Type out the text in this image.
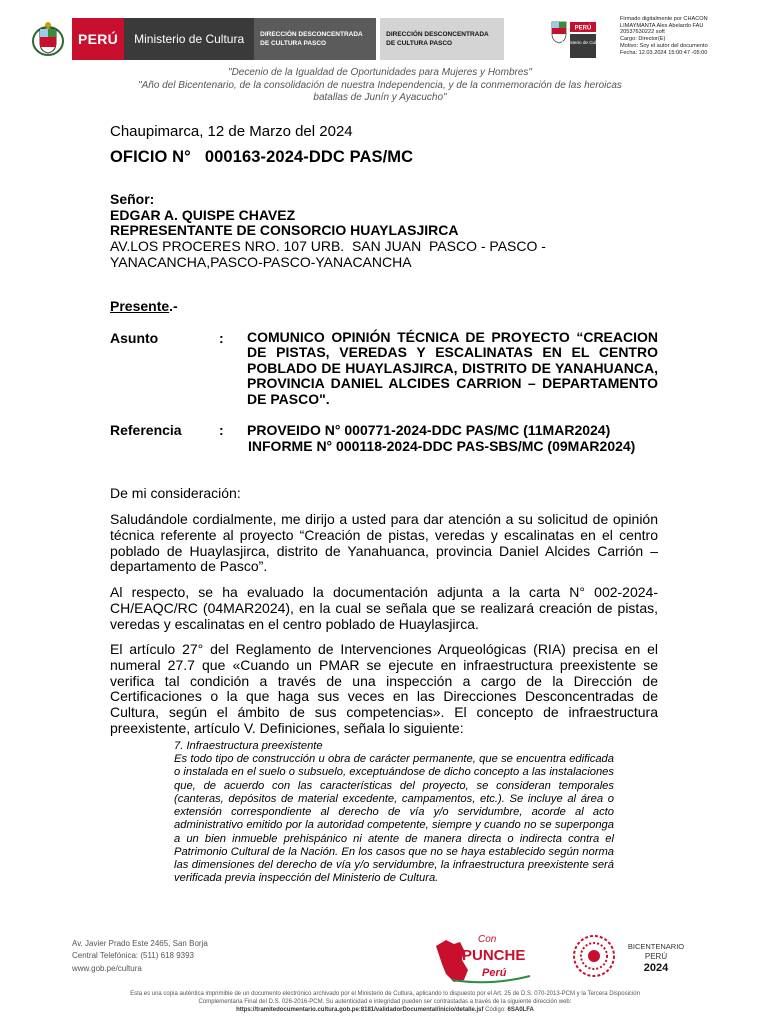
PERÚ	Ministerio de Cultura	DIRECCIÓN DESCONCENTRADA DE CULTURA PASCO
DIRECCIÓN DESCONCENTRADA DE CULTURA PASCO
PERÚ
Ministerio de Cultura
Firmado digitalmente por CHACON
LIMAYMANTA Alex Abelardo FAU
20537630222 soft
Cargo: Director(E)
Motivo: Soy el autor del documento
Fecha: 12.03.2024 15:00:47 -05:00
"Decenio de la Igualdad de Oportunidades para Mujeres y Hombres"
"Año del Bicentenario, de la consolidación de nuestra Independencia, y de la conmemoración de las heroicas batallas de Junín y Ayacucho"
Chaupimarca, 12 de Marzo del 2024
OFICIO N°   000163-2024-DDC PAS/MC
Señor:
EDGAR A. QUISPE CHAVEZ
REPRESENTANTE DE CONSORCIO HUAYLASJIRCA
AV.LOS PROCERES NRO. 107 URB.  SAN JUAN  PASCO - PASCO -
YANACANCHA,PASCO-PASCO-YANACANCHA
Presente.-
Asunto	: COMUNICO OPINIÓN TÉCNICA DE PROYECTO “CREACION DE PISTAS, VEREDAS Y ESCALINATAS EN EL CENTRO POBLADO DE HUAYLASJIRCA, DISTRITO DE YANAHUANCA, PROVINCIA DANIEL ALCIDES CARRION – DEPARTAMENTO DE PASCO".
Referencia	: PROVEIDO N° 000771-2024-DDC PAS/MC (11MAR2024)
INFORME N° 000118-2024-DDC PAS-SBS/MC (09MAR2024)
De mi consideración:
Saludándole cordialmente, me dirijo a usted para dar atención a su solicitud de opinión técnica referente al proyecto “Creación de pistas, veredas y escalinatas en el centro poblado de Huaylasjirca, distrito de Yanahuanca, provincia Daniel Alcides Carrión – departamento de Pasco”.
Al respecto, se ha evaluado la documentación adjunta a la carta N° 002-2024-CH/EAQC/RC (04MAR2024), en la cual se señala que se realizará creación de pistas, veredas y escalinatas en el centro poblado de Huaylasjirca.
El artículo 27° del Reglamento de Intervenciones Arqueológicas (RIA) precisa en el numeral 27.7 que «Cuando un PMAR se ejecute en infraestructura preexistente se verifica tal condición a través de una inspección a cargo de la Dirección de Certificaciones o la que haga sus veces en las Direcciones Desconcentradas de Cultura, según el ámbito de sus competencias». El concepto de infraestructura preexistente, artículo V. Definiciones, señala lo siguiente:
7. Infraestructura preexistente
Es todo tipo de construcción u obra de carácter permanente, que se encuentra edificada o instalada en el suelo o subsuelo, exceptuándose de dicho concepto a las instalaciones que, de acuerdo con las características del proyecto, se consideran temporales (canteras, depósitos de material excedente, campamentos, etc.). Se incluye al área o extensión correspondiente al derecho de vía y/o servidumbre, acorde al acto administrativo emitido por la autoridad competente, siempre y cuando no se superponga a un bien inmueble prehispánico ni atente de manera directa o indirecta contra el Patrimonio Cultural de la Nación. En los casos que no se haya establecido según norma las dimensiones del derecho de vía y/o servidumbre, la infraestructura preexistente será verificada previa inspección del Ministerio de Cultura.
Av. Javier Prado Este 2465, San Borja
Central Telefónica: (511) 618 9393
www.gob.pe/cultura
Con
PUNCHE
Perú
BICENTENARIO
PERÚ
2024
Esta es una copia auténtica imprimible de un documento electrónico archivado por el Ministerio de Cultura, aplicando lo dispuesto por el Art. 25 de D.S. 070-2013-PCM y la Tercera Disposición
Complementaria Final del D.S. 026-2016-PCM. Su autenticidad e integridad pueden ser contrastadas a través de la siguiente dirección web:
https://tramitedocumentario.cultura.gob.pe:8181/validadorDocumental/inicio/detalle.jsf Código: 6SA0LFA
